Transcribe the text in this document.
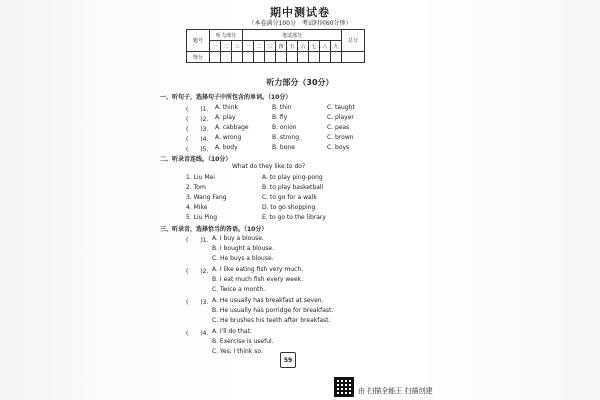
期中测试卷
（本卷满分100分　考试时间60分钟）
题号	听力部分			笔试部分									总分
	一	二	三	一	二	三	四	五	六	七	八	九	
得分													
听力部分（30分）
一、听句子，选择句子中所包含的单词。（10分）
(　　)1. A. think	B. thin	C. taught
(　　)2. A. play	B. fly	C. player
(　　)3. A. cabbage	B. onion	C. peas
(　　)4. A. wrong	B. strong	C. brown
(　　)5. A. body	B. bone	C. boys
二、听录音连线。（10分）
What do they like to do?
1. Liu Mei	A. to play ping-pong
2. Tom	B. to play basketball
3. Wang Fang	C. to go for a walk
4. Mike	D. to go shopping
5. Liu Ping	E. to go to the library
三、听录音，选择恰当的答语。（10分）
(　　)1. A. I buy a blouse.
B. I bought a blouse.
C. He buys a blouse.
(　　)2. A. I like eating fish very much.
B. I eat much fish every week.
C. Twice a month.
(　　)3. A. He usually has breakfast at seven.
B. He usually has porridge for breakfast.
C. He brushes his teeth after breakfast.
(　　)4. A. I'll do that.
B. Exercise is useful.
C. Yes, I think so.
59
由 扫描全能王 扫描创建
